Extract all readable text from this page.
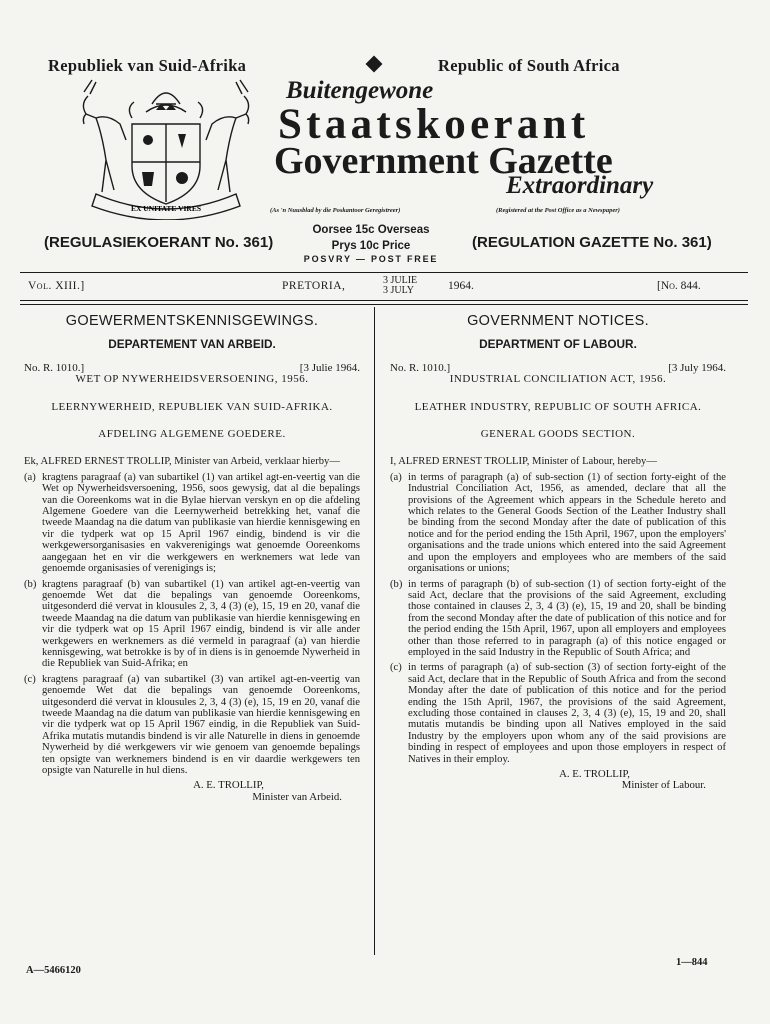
Republiek van Suid-Afrika	Republic of South Africa
EX UNITATE VIRES
Buitengewone
Staatskoerant
Government Gazette
Extraordinary
(As 'n Nuusblad by die Poskantoor Geregistreer)	(Registered at the Post Office as a Newspaper)
(REGULASIEKOERANT No. 361)
Oorsee 15c Overseas
Prys 10c Price
POSVRY — POST FREE
(REGULATION GAZETTE No. 361)
Vol. XIII.]	PRETORIA,	3 JULIE
3 JULY	1964.	[No. 844.
GOEWERMENTSKENNISGEWINGS.
DEPARTEMENT VAN ARBEID.
No. R. 1010.]	[3 Julie 1964.
WET OP NYWERHEIDSVERSOENING, 1956.
LEERNYWERHEID, REPUBLIEK VAN SUID-AFRIKA.
AFDELING ALGEMENE GOEDERE.
Ek, ALFRED ERNEST TROLLIP, Minister van Arbeid, verklaar hierby—
(a) kragtens paragraaf (a) van subartikel (1) van artikel agt-en-veertig van die Wet op Nywerheidsversoening, 1956, soos gewysig, dat al die bepalings van die Ooreenkoms wat in die Bylae hiervan verskyn en op die afdeling Algemene Goedere van die Leernywerheid betrekking het, vanaf die tweede Maandag na die datum van publikasie van hierdie kennisgewing en vir die tydperk wat op 15 April 1967 eindig, bindend is vir die werkgewersorganisasies en vakverenigings wat genoemde Ooreenkoms aangegaan het en vir die werkgewers en werknemers wat lede van genoemde organisasies of verenigings is;
(b) kragtens paragraaf (b) van subartikel (1) van artikel agt-en-veertig van genoemde Wet dat die bepalings van genoemde Ooreenkoms, uitgesonderd dié vervat in klousules 2, 3, 4 (3) (e), 15, 19 en 20, vanaf die tweede Maandag na die datum van publikasie van hierdie kennisgewing en vir die tydperk wat op 15 April 1967 eindig, bindend is vir alle ander werkgewers en werknemers as dié vermeld in paragraaf (a) van hierdie kennisgewing, wat betrokke is by of in diens is in genoemde Nywerheid in die Republiek van Suid-Afrika; en
(c) kragtens paragraaf (a) van subartikel (3) van artikel agt-en-veertig van genoemde Wet dat die bepalings van genoemde Ooreenkoms, uitgesonderd dié vervat in klousules 2, 3, 4 (3) (e), 15, 19 en 20, vanaf die tweede Maandag na die datum van publikasie van hierdie kennisgewing en vir die tydperk wat op 15 April 1967 eindig, in die Republiek van Suid-Afrika mutatis mutandis bindend is vir alle Naturelle in diens in genoemde Nywerheid by dié werkgewers vir wie genoem van genoemde bepalings ten opsigte van werknemers bindend is en vir daardie werkgewers ten opsigte van Naturelle in hul diens.
A. E. TROLLIP,
Minister van Arbeid.
GOVERNMENT NOTICES.
DEPARTMENT OF LABOUR.
No. R. 1010.]	[3 July 1964.
INDUSTRIAL CONCILIATION ACT, 1956.
LEATHER INDUSTRY, REPUBLIC OF SOUTH AFRICA.
GENERAL GOODS SECTION.
I, ALFRED ERNEST TROLLIP, Minister of Labour, hereby—
(a) in terms of paragraph (a) of sub-section (1) of section forty-eight of the Industrial Conciliation Act, 1956, as amended, declare that all the provisions of the Agreement which appears in the Schedule hereto and which relates to the General Goods Section of the Leather Industry shall be binding from the second Monday after the date of publication of this notice and for the period ending the 15th April, 1967, upon the employers' organisations and the trade unions which entered into the said Agreement and upon the employers and employees who are members of the said organisations or unions;
(b) in terms of paragraph (b) of sub-section (1) of section forty-eight of the said Act, declare that the provisions of the said Agreement, excluding those contained in clauses 2, 3, 4 (3) (e), 15, 19 and 20, shall be binding from the second Monday after the date of publication of this notice and for the period ending the 15th April, 1967, upon all employers and employees other than those referred to in paragraph (a) of this notice engaged or employed in the said Industry in the Republic of South Africa; and
(c) in terms of paragraph (a) of sub-section (3) of section forty-eight of the said Act, declare that in the Republic of South Africa and from the second Monday after the date of publication of this notice and for the period ending the 15th April, 1967, the provisions of the said Agreement, excluding those contained in clauses 2, 3, 4 (3) (e), 15, 19 and 20, shall mutatis mutandis be binding upon all Natives employed in the said Industry by the employers upon whom any of the said provisions are binding in respect of employees and upon those employers in respect of Natives in their employ.
A. E. TROLLIP,
Minister of Labour.
A—5466120
1—844
